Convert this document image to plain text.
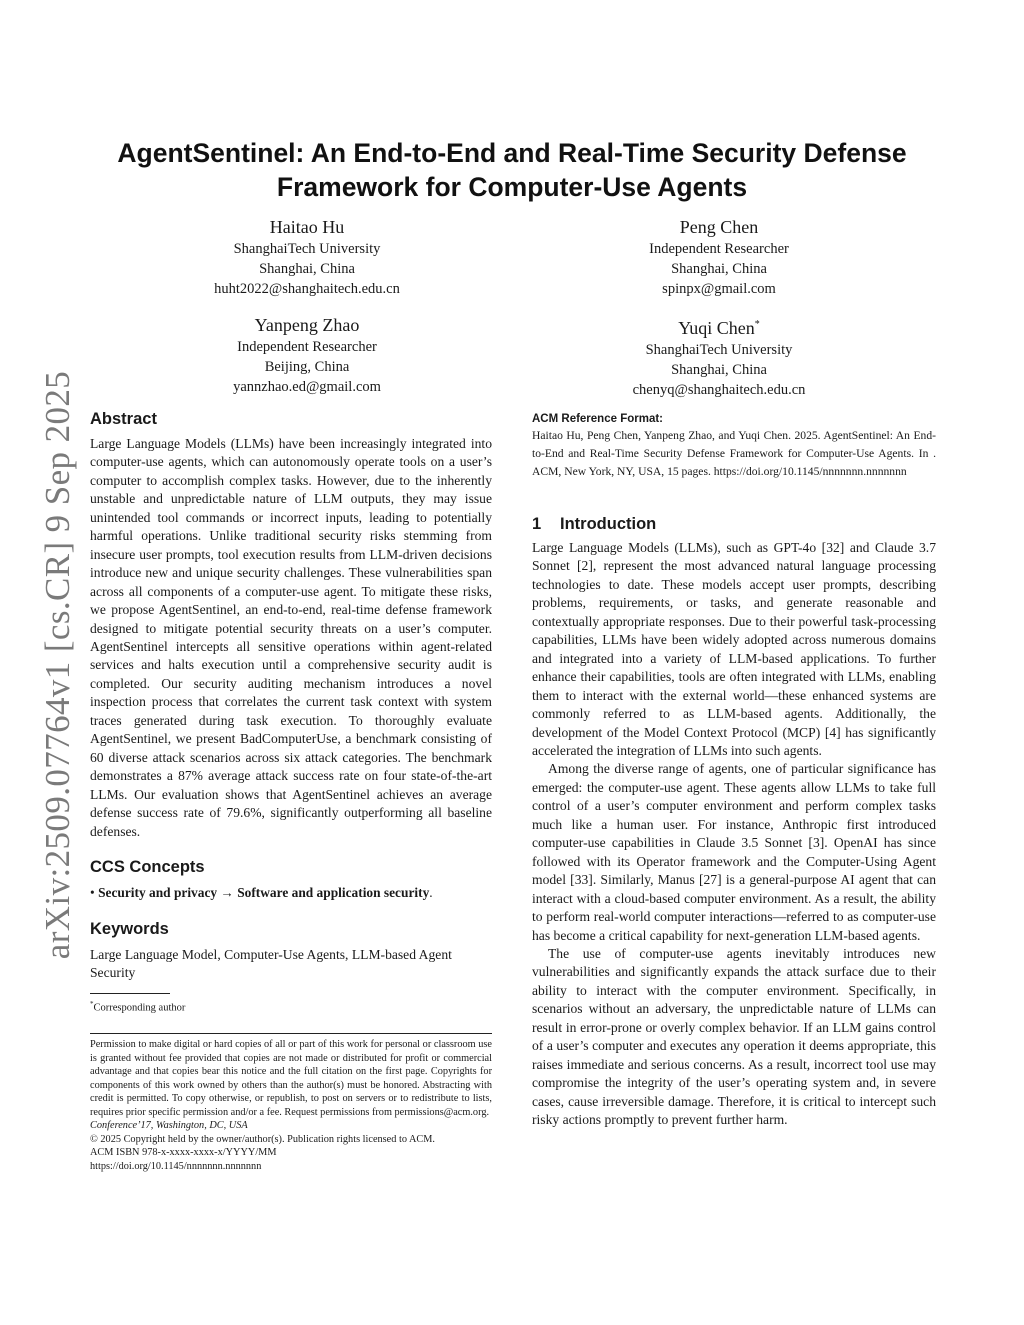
arXiv:2509.07764v1 [cs.CR] 9 Sep 2025
AgentSentinel: An End-to-End and Real-Time Security Defense
Framework for Computer-Use Agents
Haitao Hu
ShanghaiTech University
Shanghai, China
huht2022@shanghaitech.edu.cn
Peng Chen
Independent Researcher
Shanghai, China
spinpx@gmail.com
Yanpeng Zhao
Independent Researcher
Beijing, China
yannzhao.ed@gmail.com
Yuqi Chen*
ShanghaiTech University
Shanghai, China
chenyq@shanghaitech.edu.cn
Abstract

Large Language Models (LLMs) have been increasingly integrated into computer-use agents, which can autonomously operate tools on a user’s computer to accomplish complex tasks. However, due to the inherently unstable and unpredictable nature of LLM outputs, they may issue unintended tool commands or incorrect inputs, leading to potentially harmful operations. Unlike traditional security risks stemming from insecure user prompts, tool execution results from LLM-driven decisions introduce new and unique security challenges. These vulnerabilities span across all components of a computer-use agent. To mitigate these risks, we propose AgentSentinel, an end-to-end, real-time defense framework designed to mitigate potential security threats on a user’s computer. AgentSentinel intercepts all sensitive operations within agent-related services and halts execution until a comprehensive security audit is completed. Our security auditing mechanism introduces a novel inspection process that correlates the current task context with system traces generated during task execution. To thoroughly evaluate AgentSentinel, we present BadComputerUse, a benchmark consisting of 60 diverse attack scenarios across six attack categories. The benchmark demonstrates a 87% average attack success rate on four state-of-the-art LLMs. Our evaluation shows that AgentSentinel achieves an average defense success rate of 79.6%, significantly outperforming all baseline defenses.

CCS Concepts
• Security and privacy → Software and application security.
Keywords

Large Language Model, Computer-Use Agents, LLM-based Agent Security

*Corresponding author
Permission to make digital or hard copies of all or part of this work for personal or classroom use is granted without fee provided that copies are not made or distributed for profit or commercial advantage and that copies bear this notice and the full citation on the first page. Copyrights for components of this work owned by others than the author(s) must be honored. Abstracting with credit is permitted. To copy otherwise, or republish, to post on servers or to redistribute to lists, requires prior specific permission and/or a fee. Request permissions from permissions@acm.org.
Conference’17, Washington, DC, USA
© 2025 Copyright held by the owner/author(s). Publication rights licensed to ACM.
ACM ISBN 978-x-xxxx-xxxx-x/YYYY/MM
https://doi.org/10.1145/nnnnnnn.nnnnnnn
ACM Reference Format:
Haitao Hu, Peng Chen, Yanpeng Zhao, and Yuqi Chen. 2025. AgentSentinel: An End-to-End and Real-Time Security Defense Framework for Computer-Use Agents. In . ACM, New York, NY, USA, 15 pages. https://doi.org/10.1145/nnnnnnn.nnnnnnn
1 Introduction

Large Language Models (LLMs), such as GPT-4o [32] and Claude 3.7 Sonnet [2], represent the most advanced natural language processing technologies to date. These models accept user prompts, describing problems, requirements, or tasks, and generate reasonable and contextually appropriate responses. Due to their powerful task-processing capabilities, LLMs have been widely adopted across numerous domains and integrated into a variety of LLM-based applications. To further enhance their capabilities, tools are often integrated with LLMs, enabling them to interact with the external world—these enhanced systems are commonly referred to as LLM-based agents. Additionally, the development of the Model Context Protocol (MCP) [4] has significantly accelerated the integration of LLMs into such agents.

Among the diverse range of agents, one of particular significance has emerged: the computer-use agent. These agents allow LLMs to take full control of a user’s computer environment and perform complex tasks much like a human user. For instance, Anthropic first introduced computer-use capabilities in Claude 3.5 Sonnet [3]. OpenAI has since followed with its Operator framework and the Computer-Using Agent model [33]. Similarly, Manus [27] is a general-purpose AI agent that can interact with a cloud-based computer environment. As a result, the ability to perform real-world computer interactions—referred to as computer-use has become a critical capability for next-generation LLM-based agents.

The use of computer-use agents inevitably introduces new vulnerabilities and significantly expands the attack surface due to their ability to interact with the computer environment. Specifically, in scenarios without an adversary, the unpredictable nature of LLMs can result in error-prone or overly complex behavior. If an LLM gains control of a user’s computer and executes any operation it deems appropriate, this raises immediate and serious concerns. As a result, incorrect tool use may compromise the integrity of the user’s operating system and, in severe cases, cause irreversible damage. Therefore, it is critical to intercept such risky actions promptly to prevent further harm.
